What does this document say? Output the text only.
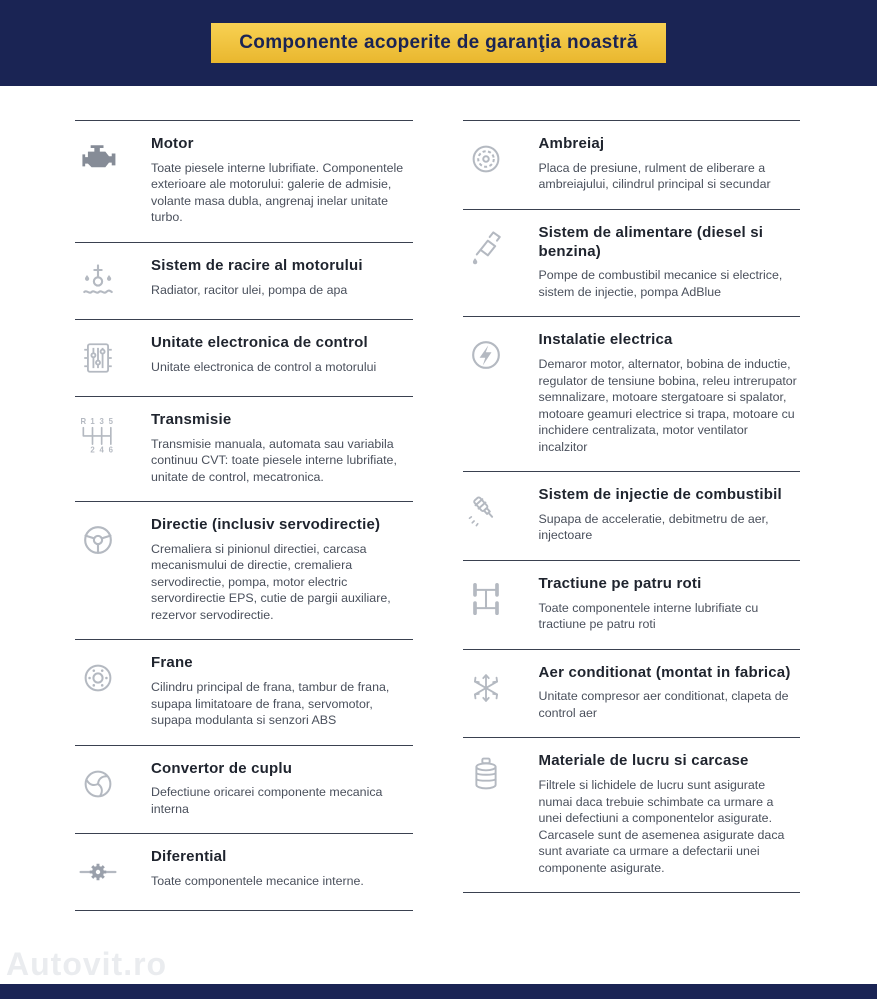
Componente acoperite de garanţia noastră
Motor

Toate piesele interne lubrifiate. Componentele exterioare ale motorului: galerie de admisie, volante masa dubla, angrenaj inelar unitate turbo.

Sistem de racire al motorului

Radiator, racitor ulei, pompa de apa

Unitate electronica de control

Unitate electronica de control a motorului

R 1 3 5
2 4 6
Transmisie

Transmisie manuala, automata sau variabila continuu CVT: toate piesele interne lubrifiate, unitate de control, mecatronica.

Directie (inclusiv servodirectie)

Cremaliera si pinionul directiei, carcasa mecanismului de directie, cremaliera servodirectie, pompa, motor electric servordirectie EPS, cutie de pargii auxiliare, rezervor servodirectie.

Frane

Cilindru principal de frana, tambur de frana, supapa limitatoare de frana, servomotor, supapa modulanta si senzori ABS

Convertor de cuplu

Defectiune oricarei componente mecanica interna

Diferential

Toate componentele mecanice interne.

Ambreiaj

Placa de presiune, rulment de eliberare a ambreiajului, cilindrul principal si secundar

Sistem de alimentare (diesel si benzina)

Pompe de combustibil mecanice si electrice, sistem de injectie, pompa AdBlue

Instalatie electrica

Demaror motor, alternator, bobina de inductie, regulator de tensiune bobina, releu intrerupator semnalizare, motoare stergatoare si spalator, motoare geamuri electrice si trapa, motoare cu inchidere centralizata, motor ventilator incalzitor

Sistem de injectie de combustibil

Supapa de acceleratie, debitmetru de aer, injectoare

Tractiune pe patru roti

Toate componentele interne lubrifiate cu tractiune pe patru roti

Aer conditionat (montat in fabrica)

Unitate compresor aer conditionat, clapeta de control aer

Materiale de lucru si carcase

Filtrele si lichidele de lucru sunt asigurate numai daca trebuie schimbate ca urmare a unei defectiuni a componentelor asigurate. Carcasele sunt de asemenea asigurate daca sunt avariate ca urmare a defectarii unei componente asigurate.

Autovit.ro
